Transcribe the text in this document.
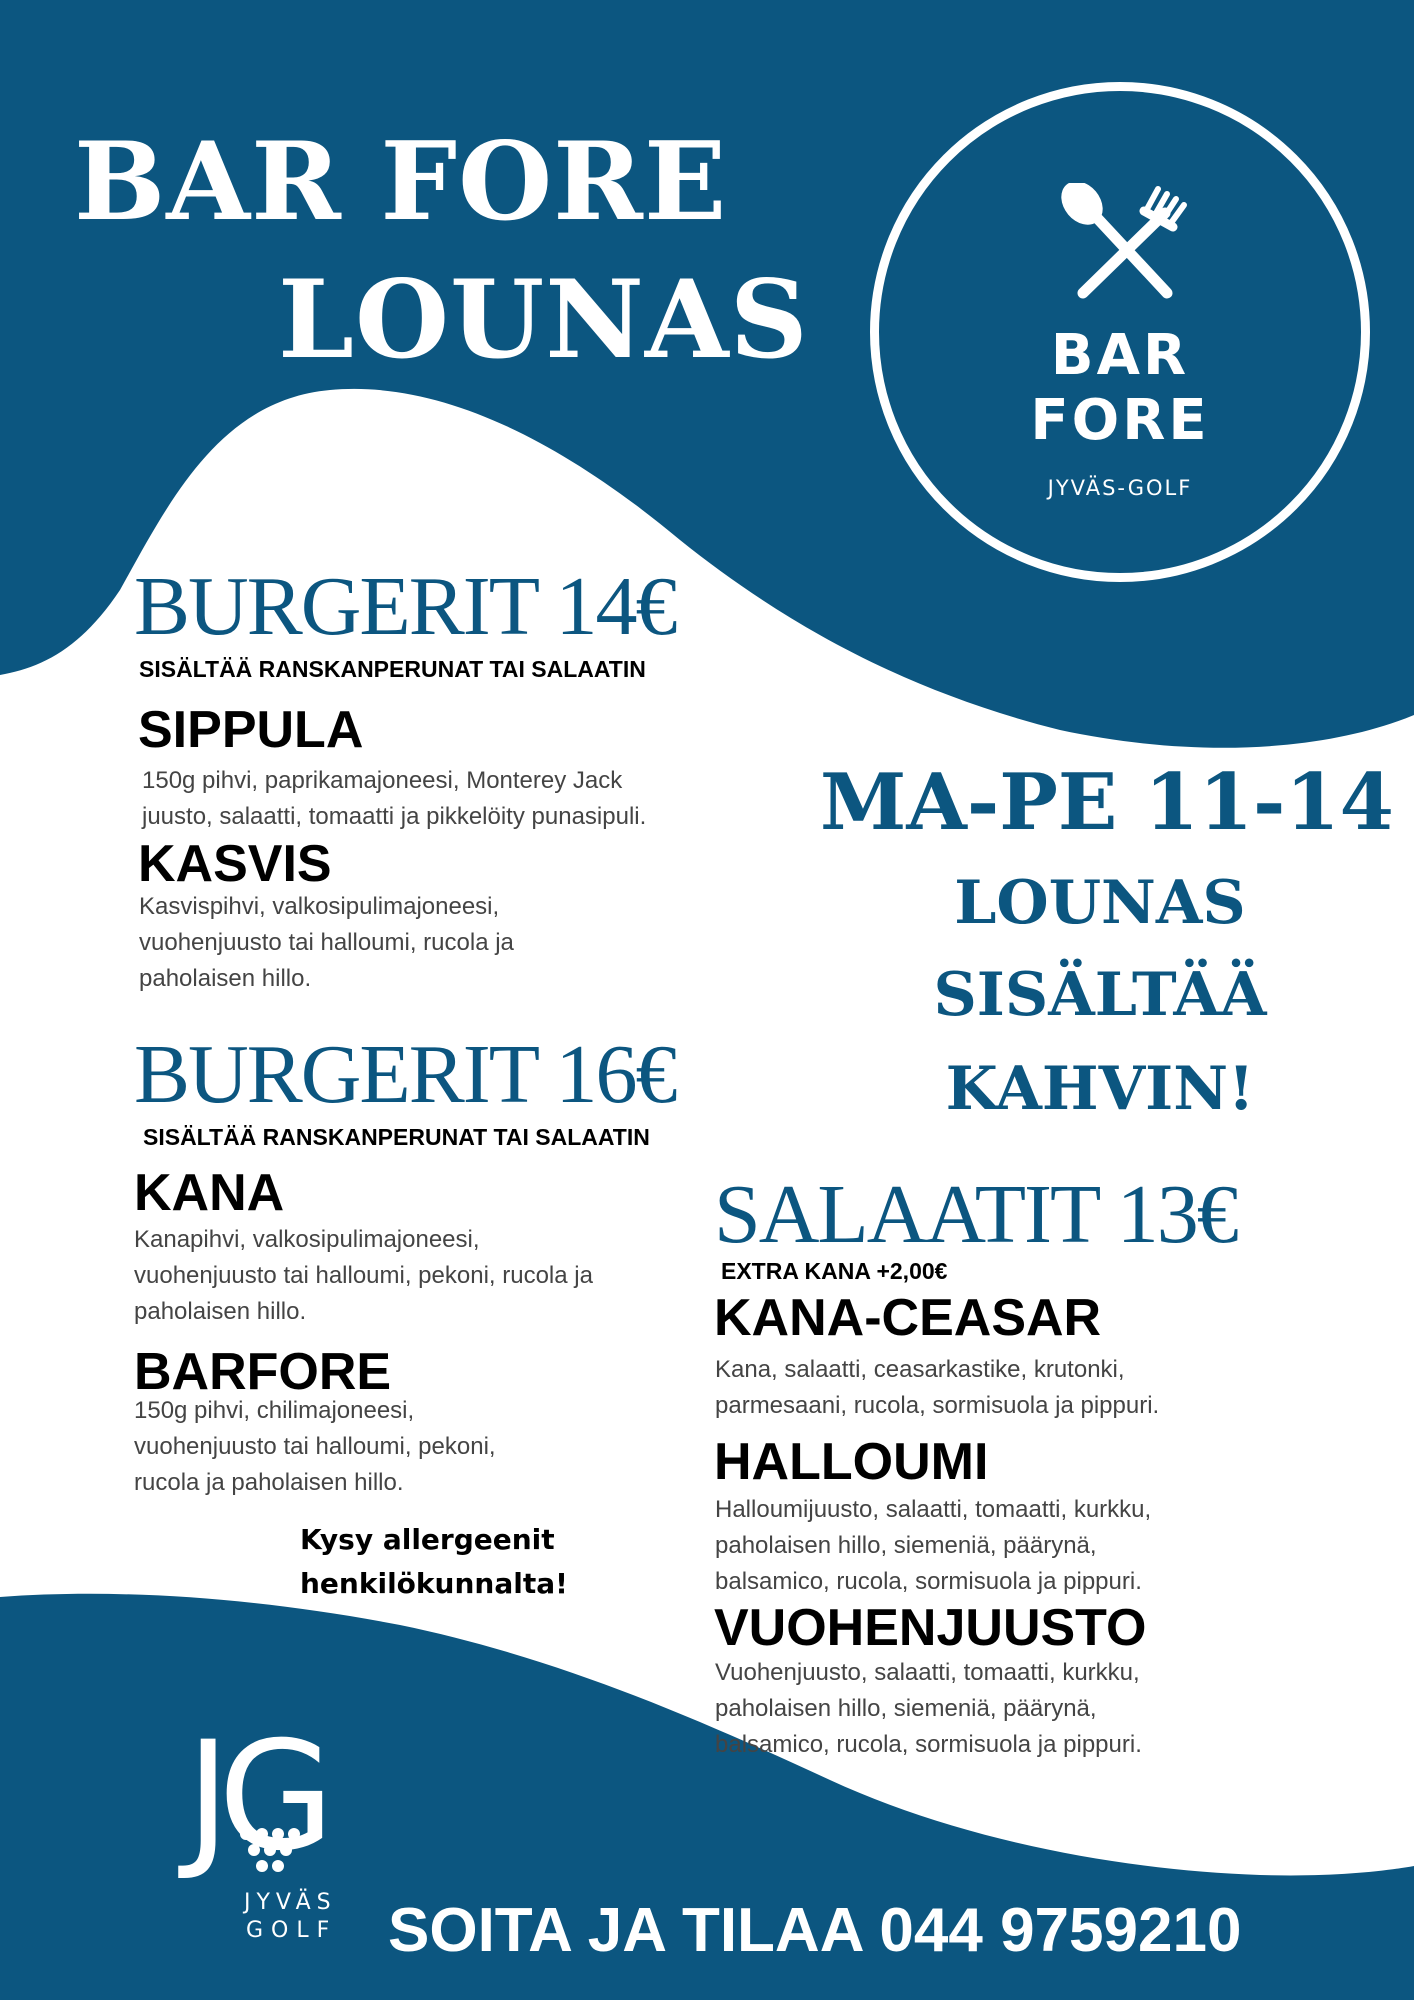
BAR FORE
LOUNAS	BAR
FORE
JYVÄS-GOLF
BURGERIT 14€
SISÄLTÄÄ RANSKANPERUNAT TAI SALAATIN
SIPPULA
150g pihvi, paprikamajoneesi, Monterey Jack
juusto, salaatti, tomaatti ja pikkelöity punasipuli.
KASVIS
Kasvispihvi, valkosipulimajoneesi,
vuohenjuusto tai halloumi, rucola ja
paholaisen hillo.
MA-PE 11-14
LOUNAS
SISÄLTÄÄ
KAHVIN!
BURGERIT 16€
SISÄLTÄÄ RANSKANPERUNAT TAI SALAATIN
KANA
Kanapihvi, valkosipulimajoneesi,
vuohenjuusto tai halloumi, pekoni, rucola ja
paholaisen hillo.
BARFORE
150g pihvi, chilimajoneesi,
vuohenjuusto tai halloumi, pekoni,
rucola ja paholaisen hillo.
Kysy allergeenit
henkilökunnalta!
SALAATIT 13€
EXTRA KANA +2,00€
KANA-CEASAR
Kana, salaatti, ceasarkastike, krutonki,
parmesaani, rucola, sormisuola ja pippuri.
HALLOUMI
Halloumijuusto, salaatti, tomaatti, kurkku,
paholaisen hillo, siemeniä, päärynä,
balsamico, rucola, sormisuola ja pippuri.
VUOHENJUUSTO
Vuohenjuusto, salaatti, tomaatti, kurkku,
paholaisen hillo, siemeniä, päärynä,
balsamico, rucola, sormisuola ja pippuri.
JG
JYVÄS
GOLF SOITA JA TILAA 044 9759210
